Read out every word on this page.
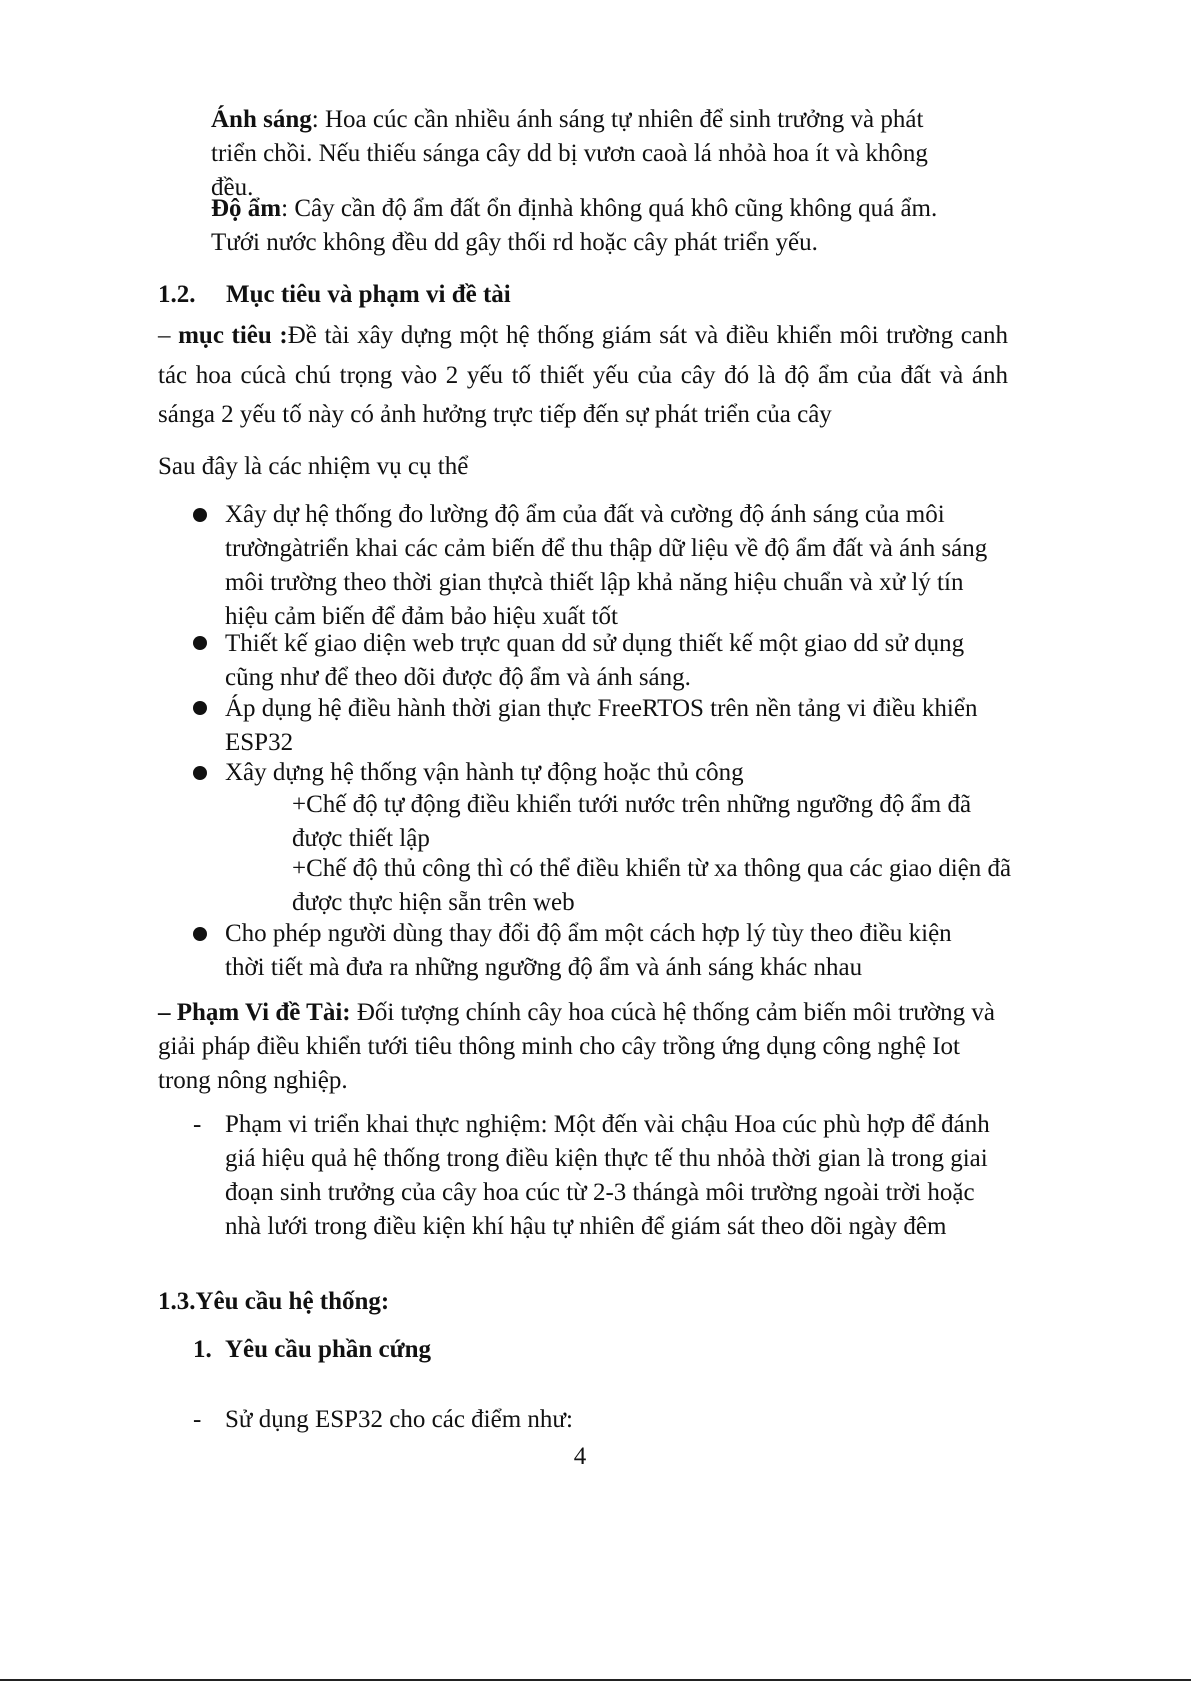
Ánh sáng: Hoa cúc cần nhiều ánh sáng tự nhiên để sinh trưởng và phát triển chồi. Nếu thiếu sánga cây dd bị vươn caoà lá nhỏà hoa ít và không đều.

Độ ẩm: Cây cần độ ẩm đất ổn địnhà không quá khô cũng không quá ẩm. Tưới nước không đều dd gây thối rd hoặc cây phát triển yếu.

1.2. Mục tiêu và phạm vi đề tài

– mục tiêu :Đề tài xây dựng một hệ thống giám sát và điều khiển môi trường canh tác hoa cúcà chú trọng vào 2 yếu tố thiết yếu của cây đó là độ ẩm của đất và ánh sánga 2 yếu tố này có ảnh hưởng trực tiếp đến sự phát triển của cây

Sau đây là các nhiệm vụ cụ thể

Xây dự hệ thống đo lường độ ẩm của đất và cường độ ánh sáng của môi trườngàtriển khai các cảm biến để thu thập dữ liệu về độ ẩm đất và ánh sáng môi trường theo thời gian thựcà thiết lập khả năng hiệu chuẩn và xử lý tín hiệu cảm biến để đảm bảo hiệu xuất tốt

Thiết kế giao diện web trực quan dd sử dụng thiết kế một giao dd sử dụng cũng như để theo dõi được độ ẩm và ánh sáng.

Áp dụng hệ điều hành thời gian thực FreeRTOS trên nền tảng vi điều khiển ESP32

Xây dựng hệ thống vận hành tự động hoặc thủ công

+Chế độ tự động điều khiển tưới nước trên những ngưỡng độ ẩm đã được thiết lập

+Chế độ thủ công thì có thể điều khiển từ xa thông qua các giao diện đã được thực hiện sẵn trên web

Cho phép người dùng thay đổi độ ẩm một cách hợp lý tùy theo điều kiện thời tiết mà đưa ra những ngưỡng độ ẩm và ánh sáng khác nhau

– Phạm Vi đề Tài: Đối tượng chính cây hoa cúcà hệ thống cảm biến môi trường và giải pháp điều khiển tưới tiêu thông minh cho cây trồng ứng dụng công nghệ Iot trong nông nghiệp.

- Phạm vi triển khai thực nghiệm: Một đến vài chậu Hoa cúc phù hợp để đánh giá hiệu quả hệ thống trong điều kiện thực tế thu nhỏà thời gian là trong giai đoạn sinh trưởng của cây hoa cúc từ 2-3 thángà môi trường ngoài trời hoặc nhà lưới trong điều kiện khí hậu tự nhiên để giám sát theo dõi ngày đêm

1.3.Yêu cầu hệ thống:
1. Yêu cầu phần cứng
- Sử dụng ESP32 cho các điểm như:

4
